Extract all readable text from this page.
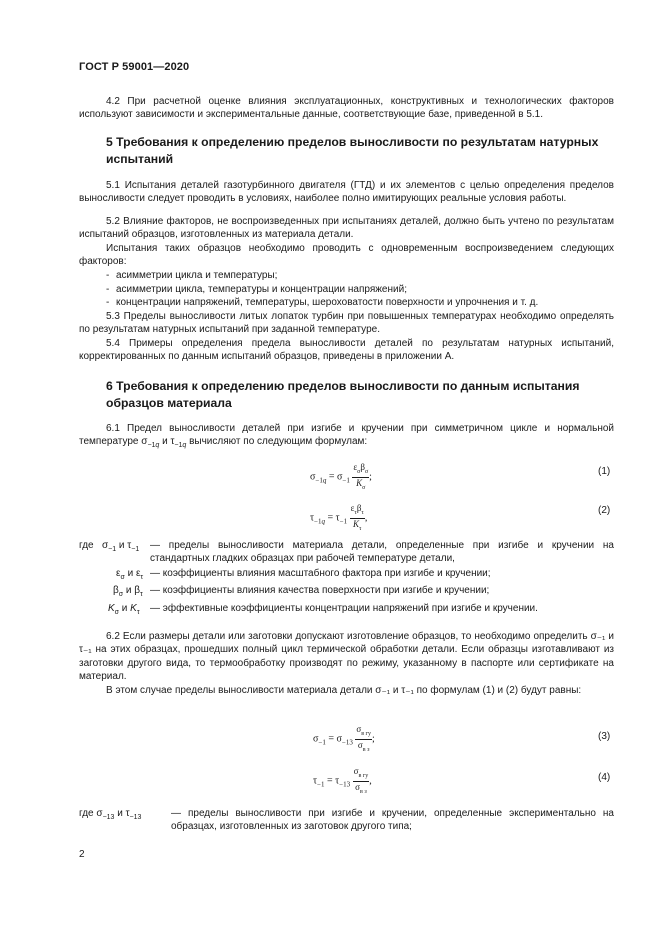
ГОСТ Р 59001—2020
4.2 При расчетной оценке влияния эксплуатационных, конструктивных и технологических факторов используют зависимости и экспериментальные данные, соответствующие базе, приведенной в 5.1.
5 Требования к определению пределов выносливости по результатам натурных испытаний
5.1 Испытания деталей газотурбинного двигателя (ГТД) и их элементов с целью определения пределов выносливости следует проводить в условиях, наиболее полно имитирующих реальные условия работы.
5.2 Влияние факторов, не воспроизведенных при испытаниях деталей, должно быть учтено по результатам испытаний образцов, изготовленных из материала детали.
Испытания таких образцов необходимо проводить с одновременным воспроизведением следующих факторов:
- асимметрии цикла и температуры;
- асимметрии цикла, температуры и концентрации напряжений;
- концентрации напряжений, температуры, шероховатости поверхности и упрочнения и т. д.
5.3 Пределы выносливости литых лопаток турбин при повышенных температурах необходимо определять по результатам натурных испытаний при заданной температуре.
5.4 Примеры определения предела выносливости деталей по результатам натурных испытаний, корректированных по данным испытаний образцов, приведены в приложении А.
6 Требования к определению пределов выносливости по данным испытания образцов материала
6.1 Предел выносливости деталей при изгибе и кручении при симметричном цикле и нормальной температуре $\sigma_{-1q}$ и $\tau_{-1q}$ вычисляют по следующим формулам:
$\sigma_{-1q} = \sigma_{-1} \frac{\varepsilon_\sigma\beta_\sigma}{K_\sigma}$ ;
(1)
$\tau_{-1q} = \tau_{-1} \frac{\varepsilon_\tau\beta_\tau}{K_\tau}$ ,
(2)
где $\sigma_{-1}$ и $\tau_{-1}$ — пределы выносливости материала детали, определенные при изгибе и кручении на стандартных гладких образцах при рабочей температуре детали,
$\varepsilon_\sigma$ и $\varepsilon_\tau$ — коэффициенты влияния масштабного фактора при изгибе и кручении;
$\beta_\sigma$ и $\beta_\tau$ — коэффициенты влияния качества поверхности при изгибе и кручении;
$K_\sigma$ и $K_\tau$ — эффективные коэффициенты концентрации напряжений при изгибе и кручении.
6.2 Если размеры детали или заготовки допускают изготовление образцов, то необходимо определить σ₋₁ и τ₋₁ на этих образцах, прошедших полный цикл термической обработки детали. Если образцы изготавливают из заготовки другого вида, то термообработку производят по режиму, указанному в паспорте или сертификате на материал.
В этом случае пределы выносливости материала детали σ₋₁ и τ₋₁ по формулам (1) и (2) будут равны:
$\sigma_{-1} = \sigma_{-13} \frac{\sigma_{в гу}}{\sigma_{в з}}$ ;	(3)
$\tau_{-1} = \tau_{-13} \frac{\sigma_{в гу}}{\sigma_{в з}}$ ,	(4)
где $\sigma_{-13}$ и $\tau_{-13}$	— пределы выносливости при изгибе и кручении, определенные экспериментально на образцах, изготовленных из заготовок другого типа;
2
